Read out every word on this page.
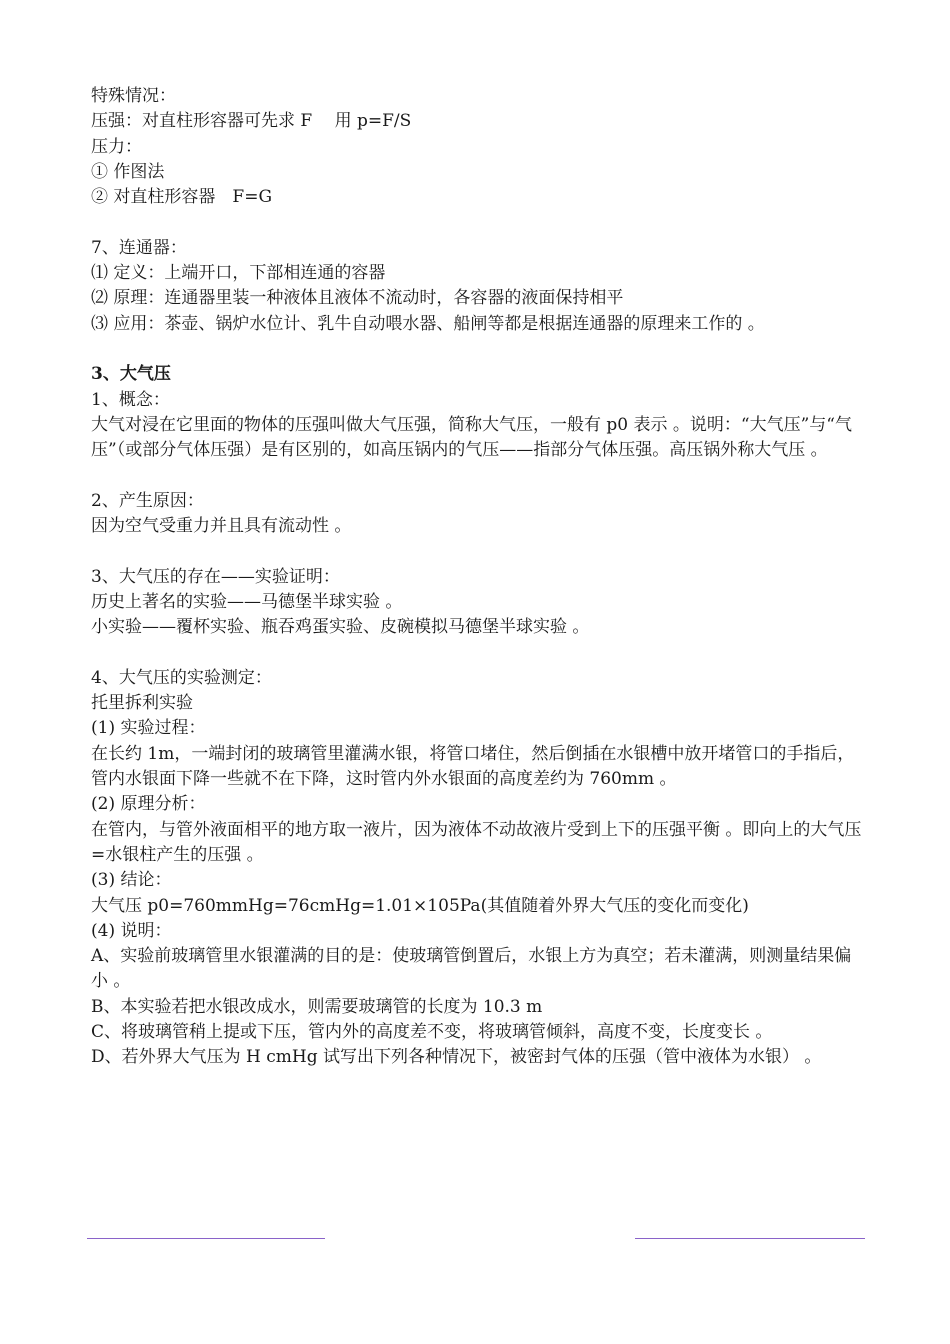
特殊情况：

压强：对直柱形容器可先求 F　 用 p=F/S

压力：

① 作图法

② 对直柱形容器　F=G

7、连通器：

⑴ 定义：上端开口，下部相连通的容器

⑵ 原理：连通器里装一种液体且液体不流动时，各容器的液面保持相平

⑶ 应用：茶壶、锅炉水位计、乳牛自动喂水器、船闸等都是根据连通器的原理来工作的 。

3、大气压

1、概念：

大气对浸在它里面的物体的压强叫做大气压强，简称大气压，一般有 p0 表示 。说明：“大气压”与“气压”（或部分气体压强）是有区别的，如高压锅内的气压——指部分气体压强。高压锅外称大气压 。

2、产生原因：

因为空气受重力并且具有流动性 。

3、大气压的存在——实验证明：

历史上著名的实验——马德堡半球实验 。

小实验——覆杯实验、瓶吞鸡蛋实验、皮碗模拟马德堡半球实验 。

4、大气压的实验测定：

托里拆利实验

(1) 实验过程：

在长约 1m，一端封闭的玻璃管里灌满水银，将管口堵住，然后倒插在水银槽中放开堵管口的手指后，管内水银面下降一些就不在下降，这时管内外水银面的高度差约为 760mm 。

(2) 原理分析：

在管内，与管外液面相平的地方取一液片，因为液体不动故液片受到上下的压强平衡 。即向上的大气压=水银柱产生的压强 。

(3) 结论：

大气压 p0=760mmHg=76cmHg=1.01×105Pa(其值随着外界大气压的变化而变化)

(4) 说明：

A、实验前玻璃管里水银灌满的目的是：使玻璃管倒置后，水银上方为真空；若未灌满，则测量结果偏小 。

B、本实验若把水银改成水，则需要玻璃管的长度为 10.3 m

C、将玻璃管稍上提或下压，管内外的高度差不变，将玻璃管倾斜，高度不变，长度变长 。

D、若外界大气压为 H cmHg 试写出下列各种情况下，被密封气体的压强（管中液体为水银） 。
